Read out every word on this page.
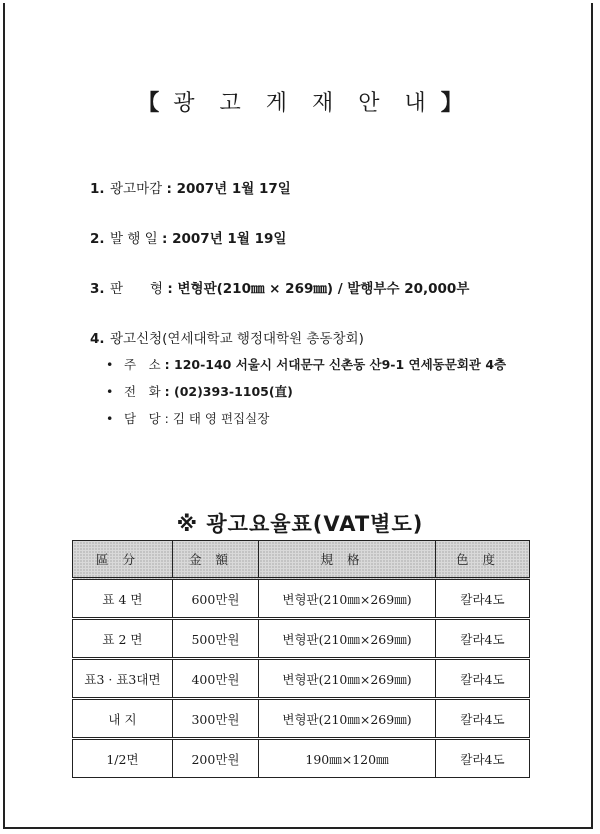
【 광 고 게 재 안 내 】
1. 광고마감 : 2007년 1월 17일
2. 발 행 일 : 2007년 1월 19일
3. 판　　형 : 변형판(210㎜ × 269㎜) / 발행부수 20,000부
4. 광고신청(연세대학교 행정대학원 총동창회)
• 주　소 : 120-140 서울시 서대문구 신촌동 산9-1 연세동문회관 4층
• 전　화 : (02)393-1105(直)
• 담　당 : 김 태 영 편집실장
※ 광고요율표(VAT별도)
區分	金額	規格	色度
표 4 면	600만원	변형판(210㎜×269㎜)	칼라4도
표 2 면	500만원	변형판(210㎜×269㎜)	칼라4도
표3 · 표3대면	400만원	변형판(210㎜×269㎜)	칼라4도
내 지	300만원	변형판(210㎜×269㎜)	칼라4도
1/2면	200만원	190㎜×120㎜	칼라4도
